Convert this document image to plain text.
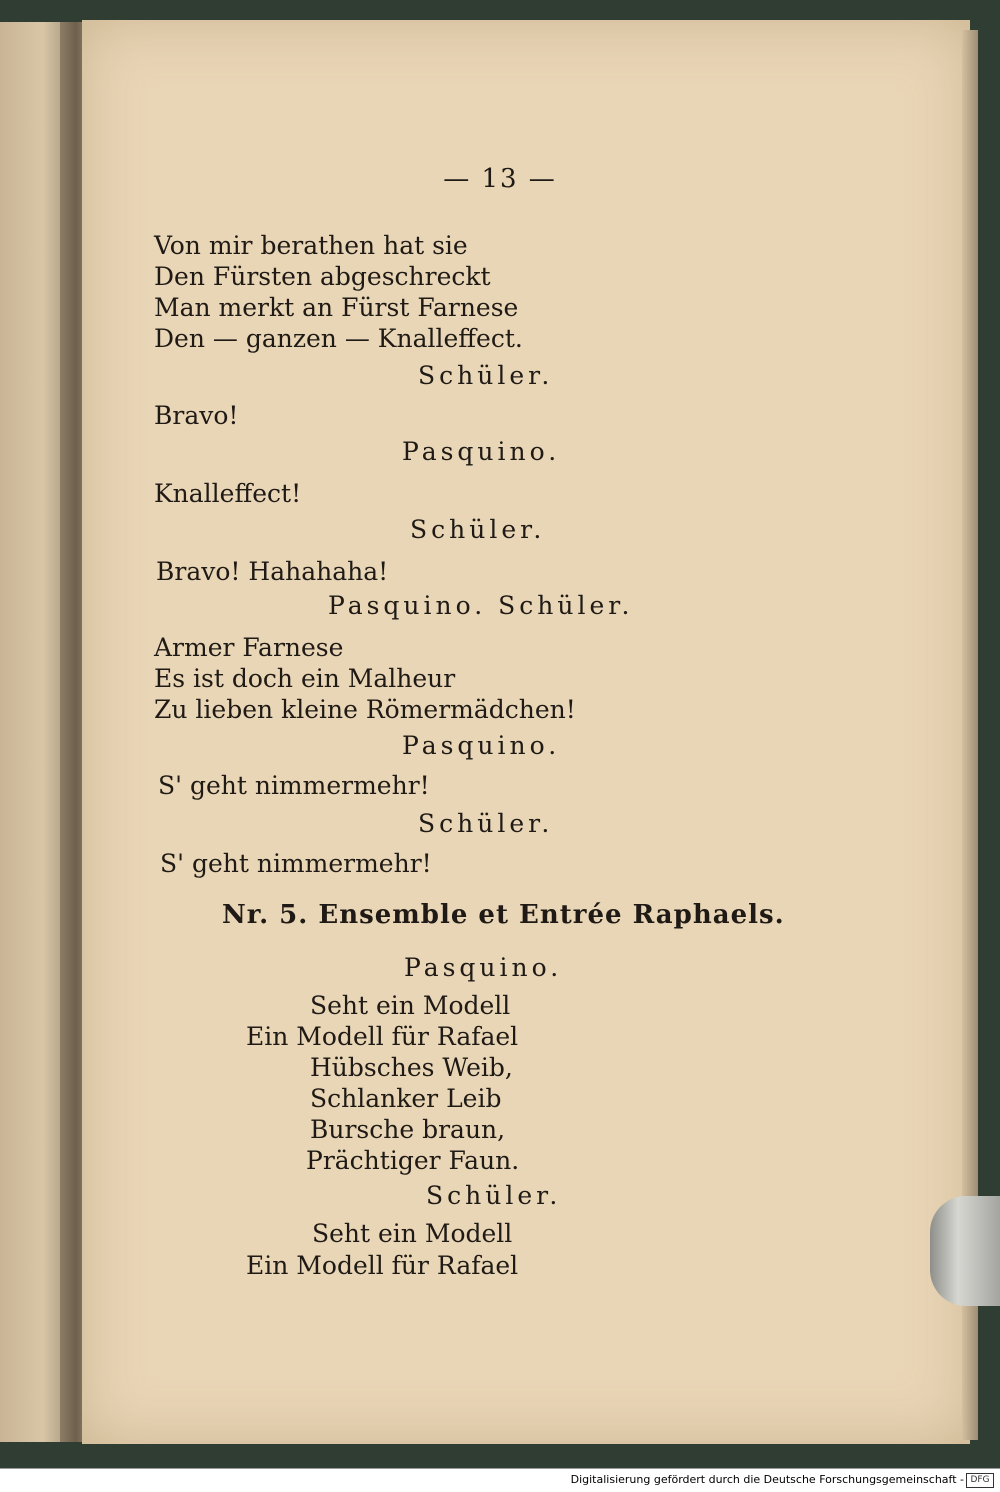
— 13 —
Von mir berathen hat sie
Den Fürsten abgeschreckt
Man merkt an Fürst Farnese
Den — ganzen — Knalleffect.
Schüler.
Bravo!
Pasquino.
Knalleffect!
Schüler.
Bravo! Hahahaha!
Pasquino. Schüler.
Armer Farnese
Es ist doch ein Malheur
Zu lieben kleine Römermädchen!
Pasquino.
S' geht nimmermehr!
Schüler.
S' geht nimmermehr!
Nr. 5. Ensemble et Entrée Raphaels.
Pasquino.
Seht ein Modell
Ein Modell für Rafael
Hübsches Weib,
Schlanker Leib
Bursche braun,
Prächtiger Faun.
Schüler.
Seht ein Modell
Ein Modell für Rafael
Digitalisierung gefördert durch die Deutsche Forschungsgemeinschaft - DFG
